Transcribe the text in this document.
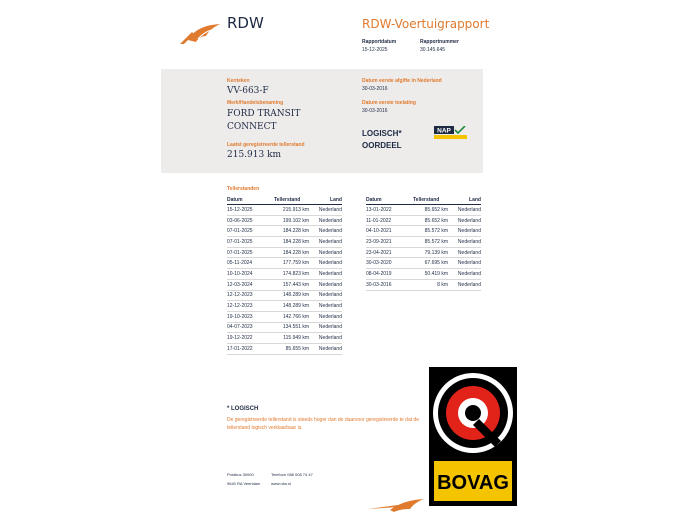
RDW	RDW-Voertuigrapport
Rapportdatum
15-12-2025
Rapportnummer
30.145.645
Kenteken
VV-663-F
Merk/Handelsbenaming
FORD TRANSIT
CONNECT
Laatst geregistreerde tellerstand
215.913 km
Datum eerste afgifte in Nederland
30-03-2016
Datum eerste toelating
30-03-2016
LOGISCH* OORDEEL
NAP
Tellerstanden
Datum	Tellerstand	Land
15-12-2025	215.913 km	Nederland
03-06-2025	199.102 km	Nederland
07-01-2025	184.228 km	Nederland
07-01-2025	184.228 km	Nederland
07-01-2025	184.228 km	Nederland
05-11-2024	177.759 km	Nederland
10-10-2024	174.823 km	Nederland
12-03-2024	157.443 km	Nederland
12-12-2023	148.289 km	Nederland
12-12-2023	148.289 km	Nederland
19-10-2023	142.766 km	Nederland
04-07-2023	134.551 km	Nederland
19-12-2022	115.949 km	Nederland
17-01-2022	85.655 km	Nederland
Datum	Tellerstand	Land
13-01-2022	85.652 km	Nederland
11-01-2022	85.652 km	Nederland
04-10-2021	85.572 km	Nederland
23-09-2021	85.572 km	Nederland
23-04-2021	79.139 km	Nederland
30-03-2020	67.695 km	Nederland
08-04-2019	50.419 km	Nederland
30-03-2016	8 km	Nederland
* LOGISCH
De geregistreerde tellerstand is steeds hoger dan de daarvoor geregistreerde te dat de tellerstand logisch verklaarbaar is.
Postbus 30000
9640 RA Veendam
Telefoon 088 008 74 47
www.rdw.nl	BOVAG
